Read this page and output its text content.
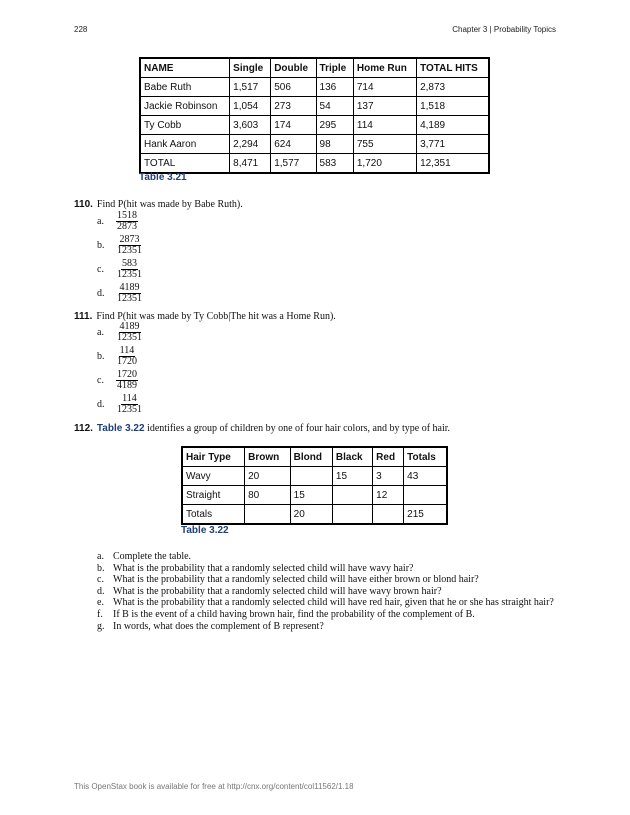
228	Chapter 3 | Probability Topics
NAME	Single	Double	Triple	Home Run	TOTAL HITS
Babe Ruth	1,517	506	136	714	2,873
Jackie Robinson	1,054	273	54	137	1,518
Ty Cobb	3,603	174	295	114	4,189
Hank Aaron	2,294	624	98	755	3,771
TOTAL	8,471	1,577	583	1,720	12,351
Table 3.21
110. Find P(hit was made by Babe Ruth).
a.	$\frac{1518}{2873}$
b.	$\frac{2873}{12351}$
c.	$\frac{583}{12351}$
d.	$\frac{4189}{12351}$
111. Find P(hit was made by Ty Cobb|The hit was a Home Run).
a.	$\frac{4189}{12351}$
b.	$\frac{114}{1720}$
c.	$\frac{1720}{4189}$
d.	$\frac{114}{12351}$
112. Table 3.22 identifies a group of children by one of four hair colors, and by type of hair.
Hair Type	Brown	Blond	Black	Red	Totals
Wavy	20		15	3	43
Straight	80	15		12	
Totals		20			215
Table 3.22
a. Complete the table.
b. What is the probability that a randomly selected child will have wavy hair?
c. What is the probability that a randomly selected child will have either brown or blond hair?
d. What is the probability that a randomly selected child will have wavy brown hair?
e. What is the probability that a randomly selected child will have red hair, given that he or she has straight hair?
f.	If B is the event of a child having brown hair, find the probability of the complement of B.
g. In words, what does the complement of B represent?
This OpenStax book is available for free at http://cnx.org/content/col11562/1.18
